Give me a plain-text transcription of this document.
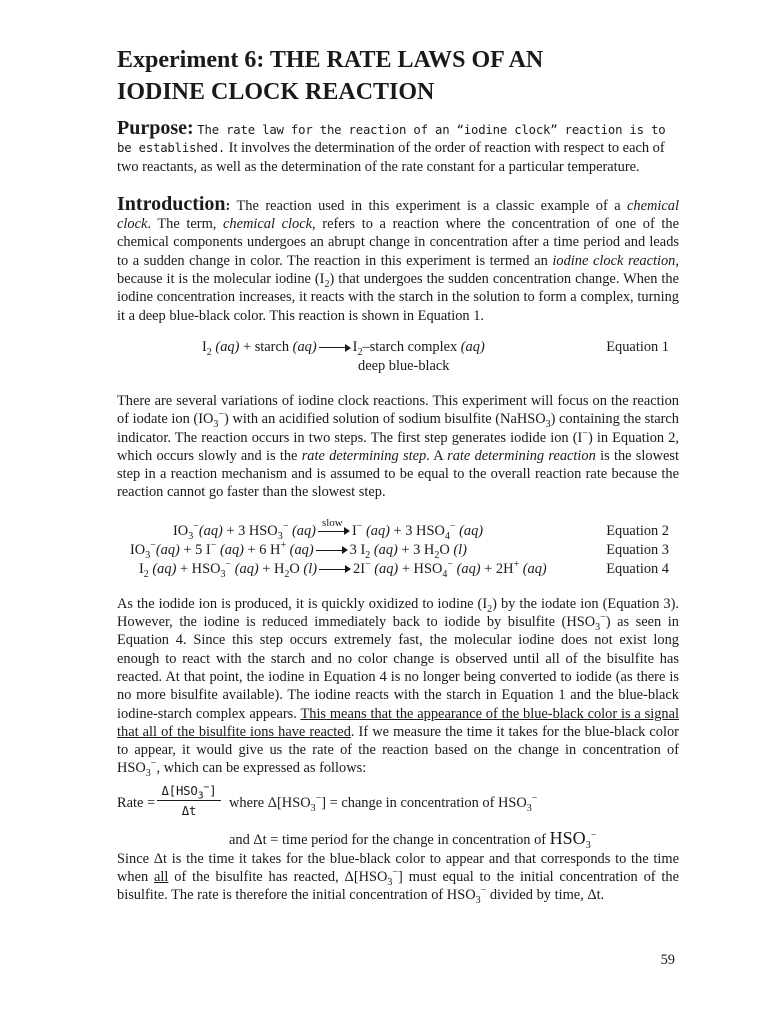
Experiment 6: THE RATE LAWS OF AN
IODINE CLOCK REACTION

Purpose: The rate law for the reaction of an “iodine clock” reaction is to be established. It involves the determination of the order of reaction with respect to each of two reactants, as well as the determination of the rate constant for a particular temperature.

Introduction: The reaction used in this experiment is a classic example of a chemical clock. The term, chemical clock, refers to a reaction where the concentration of one of the chemical components undergoes an abrupt change in concentration after a time period and leads to a sudden change in color. The reaction in this experiment is termed an iodine clock reaction, because it is the molecular iodine $(I_2)$ that undergoes the sudden concentration change. When the iodine concentration increases, it reacts with the starch in the solution to form a complex, turning it a deep blue-black color. This reaction is shown in Equation 1.

$I_2$ (aq) + starch (aq)	$I_2$–starch complex (aq)	Equation 1
deep blue-black

There are several variations of iodine clock reactions. This experiment will focus on the reaction of iodate ion $(IO_3^-)$ with an acidified solution of sodium bisulfite (NaHSO$_3$) containing the starch indicator. The reaction occurs in two steps. The first step generates iodide ion (I−) in Equation 2, which occurs slowly and is the rate determining step. A rate determining reaction is the slowest step in a reaction mechanism and is assumed to be equal to the overall reaction rate because the reaction cannot go faster than the slowest step.

$IO_3^-(aq) + 3$ $HSO_3^-$ (aq) slow I− (aq) + 3 $HSO_4^-$ (aq)	Equation 2
$IO_3^-(aq) + 5$ I− (aq) + 6 H+ (aq)	3 $I_2$ (aq) + 3 $H_2O$ (l)	Equation 3
$I_2$ $(aq) + HSO_3^-$ $(aq) + H_2O$ (l)	2I− $(aq) + HSO_4^-$ (aq) + 2H+ (aq)	Equation 4

As the iodide ion is produced, it is quickly oxidized to iodine $(I_2)$ by the iodate ion (Equation 3). However, the iodine is reduced immediately back to iodide by bisulfite $(HSO_3^-)$ as seen in Equation 4. Since this step occurs extremely fast, the molecular iodine does not exist long enough to react with the starch and no color change is observed until all of the bisulfite has reacted. At that point, the iodine in Equation 4 is no longer being converted to iodide (as there is no more bisulfite available). The iodine reacts with the starch in Equation 1 and the blue-black iodine-starch complex appears. This means that the appearance of the blue-black color is a signal that all of the bisulfite ions have reacted. If we measure the time it takes for the blue-black color to appear, it would give us the rate of the reaction based on the change in concentration of $HSO_3^-$, which can be expressed as follows:

Rate =
$\Delta[HSO_3^-]$
Δt	where $\Delta[HSO_3^-]$ = change in concentration of $HSO_3^-$
and Δt = time period for the change in concentration of $HSO_3^-$

Since Δt is the time it takes for the blue-black color to appear and that corresponds to the time when all of the bisulfite has reacted, $\Delta[HSO_3^-]$ must equal to the initial concentration of the bisulfite. The rate is therefore the initial concentration of $HSO_3^-$ divided by time, Δt.

59
